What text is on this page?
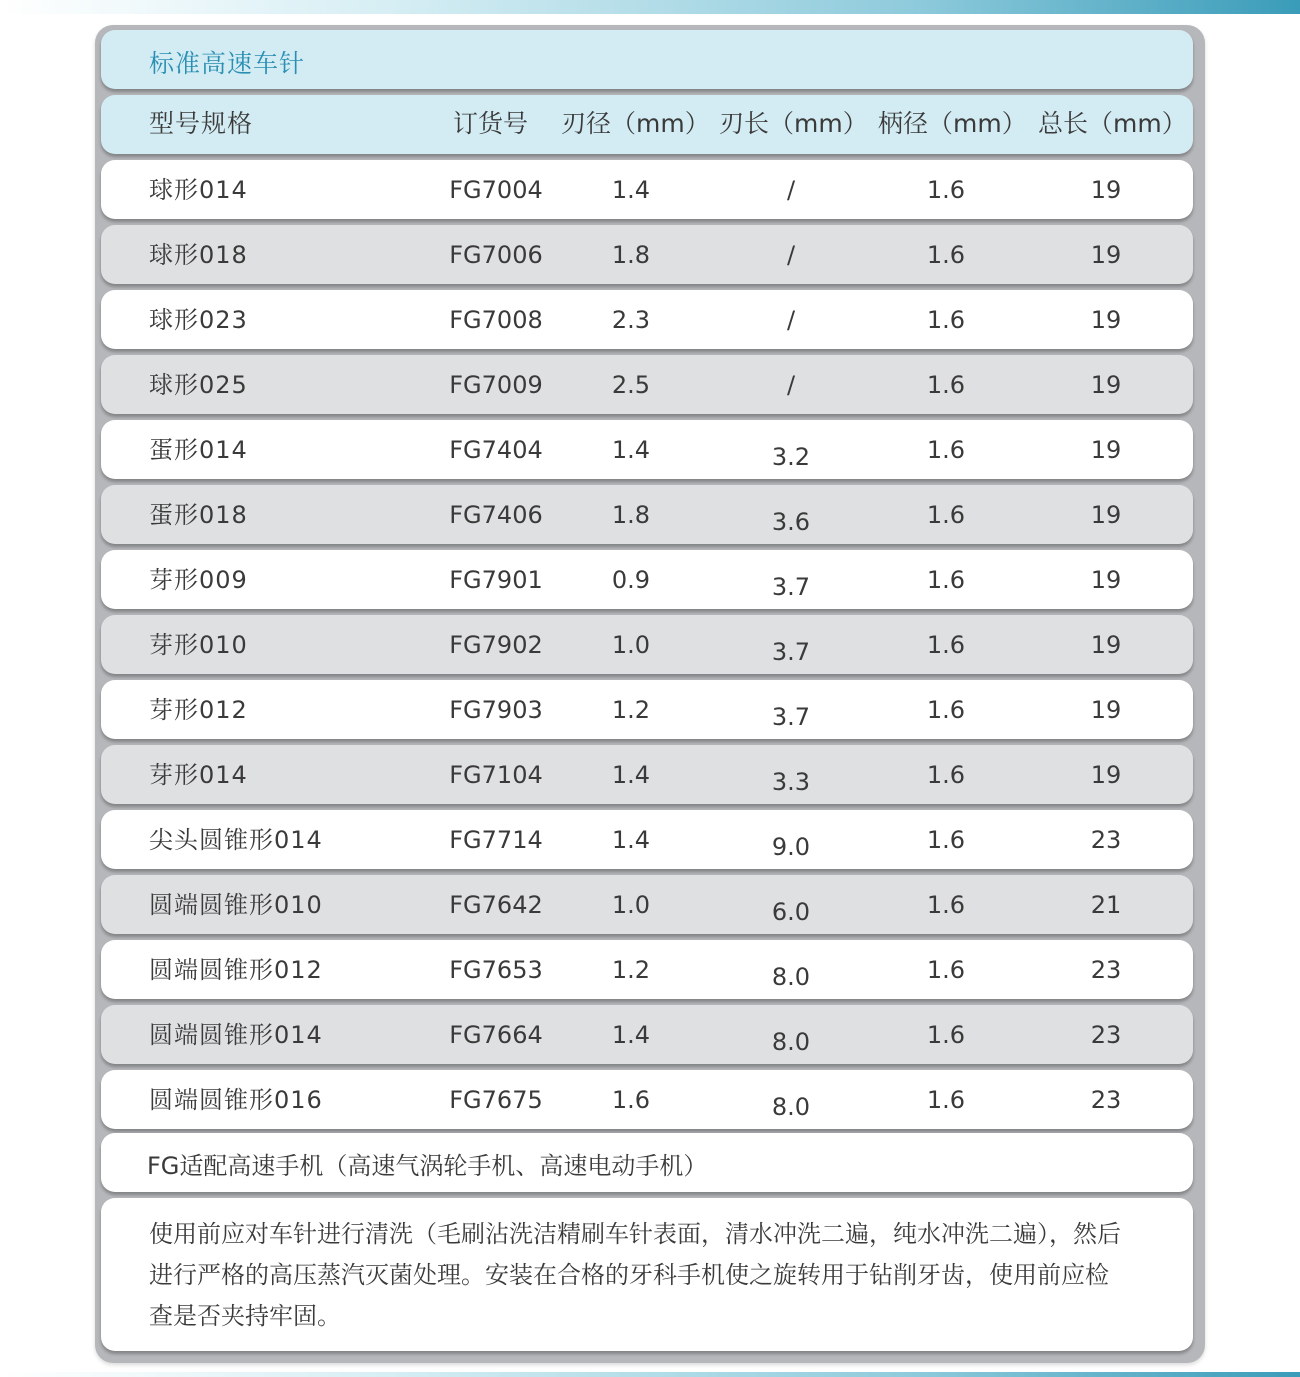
标准高速车针
型号规格	订货号 刃径（mm） 刃长（mm） 柄径（mm） 总长（mm）
球形014	FG7004	1.4	/	1.6	19
球形018	FG7006	1.8	/	1.6	19
球形023	FG7008	2.3	/	1.6	19
球形025	FG7009	2.5	/	1.6	19
蛋形014	FG7404	1.4	3.2	1.6	19
蛋形018	FG7406	1.8	3.6	1.6	19
芽形009	FG7901	0.9	3.7	1.6	19
芽形010	FG7902	1.0	3.7	1.6	19
芽形012	FG7903	1.2	3.7	1.6	19
芽形014	FG7104	1.4	3.3	1.6	19
尖头圆锥形014	FG7714	1.4	9.0	1.6	23
圆端圆锥形010	FG7642	1.0	6.0	1.6	21
圆端圆锥形012	FG7653	1.2	8.0	1.6	23
圆端圆锥形014	FG7664	1.4	8.0	1.6	23
圆端圆锥形016	FG7675	1.6	8.0	1.6	23
FG适配高速手机（高速气涡轮手机、高速电动手机）
使用前应对车针进行清洗（毛刷沾洗洁精刷车针表面，清水冲洗二遍，纯水冲洗二遍），然后进行严格的高压蒸汽灭菌处理。安装在合格的牙科手机使之旋转用于钻削牙齿，使用前应检查是否夹持牢固。
